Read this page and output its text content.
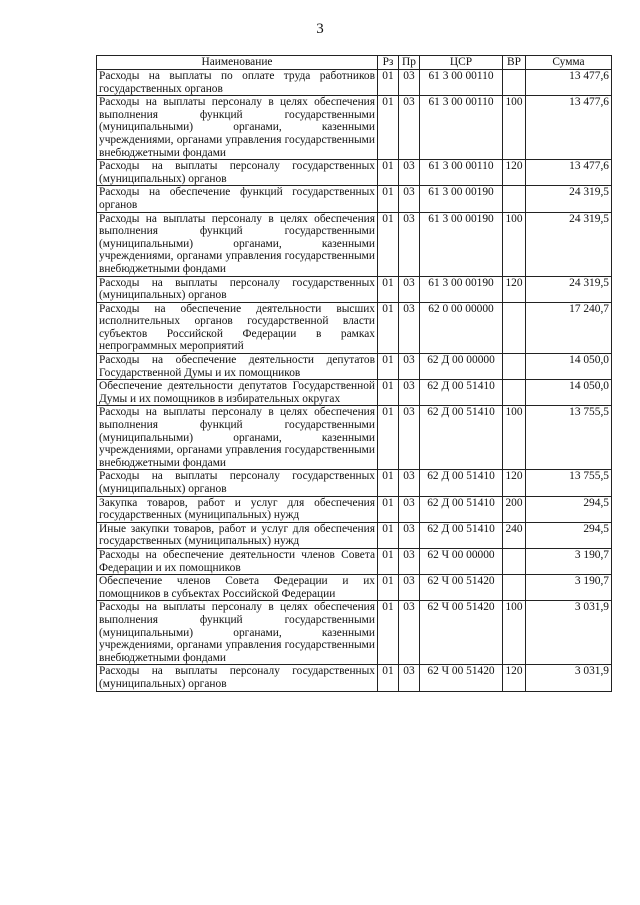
3
Наименование	Рз	Пр	ЦСР	ВР	Сумма
Расходы на выплаты по оплате труда работников государственных органов	01	03	61 3 00 00110		13 477,6
Расходы на выплаты персоналу в целях обеспечения выполнения функций государственными (муниципальными) органами, казенными учреждениями, органами управления государственными внебюджетными фондами	01	03	61 3 00 00110	100	13 477,6
Расходы на выплаты персоналу государственных (муниципальных) органов	01	03	61 3 00 00110	120	13 477,6
Расходы на обеспечение функций государственных органов	01	03	61 3 00 00190		24 319,5
Расходы на выплаты персоналу в целях обеспечения выполнения функций государственными (муниципальными) органами, казенными учреждениями, органами управления государственными внебюджетными фондами	01	03	61 3 00 00190	100	24 319,5
Расходы на выплаты персоналу государственных (муниципальных) органов	01	03	61 3 00 00190	120	24 319,5
Расходы на обеспечение деятельности высших исполнительных органов государственной власти субъектов Российской Федерации в рамках непрограммных мероприятий	01	03	62 0 00 00000		17 240,7
Расходы на обеспечение деятельности депутатов Государственной Думы и их помощников	01	03	62 Д 00 00000		14 050,0
Обеспечение деятельности депутатов Государственной Думы и их помощников в избирательных округах	01	03	62 Д 00 51410		14 050,0
Расходы на выплаты персоналу в целях обеспечения выполнения функций государственными (муниципальными) органами, казенными учреждениями, органами управления государственными внебюджетными фондами	01	03	62 Д 00 51410	100	13 755,5
Расходы на выплаты персоналу государственных (муниципальных) органов	01	03	62 Д 00 51410	120	13 755,5
Закупка товаров, работ и услуг для обеспечения государственных (муниципальных) нужд	01	03	62 Д 00 51410	200	294,5
Иные закупки товаров, работ и услуг для обеспечения государственных (муниципальных) нужд	01	03	62 Д 00 51410	240	294,5
Расходы на обеспечение деятельности членов Совета Федерации и их помощников	01	03	62 Ч 00 00000		3 190,7
Обеспечение членов Совета Федерации и их помощников в субъектах Российской Федерации	01	03	62 Ч 00 51420		3 190,7
Расходы на выплаты персоналу в целях обеспечения выполнения функций государственными (муниципальными) органами, казенными учреждениями, органами управления государственными внебюджетными фондами	01	03	62 Ч 00 51420	100	3 031,9
Расходы на выплаты персоналу государственных (муниципальных) органов	01	03	62 Ч 00 51420	120	3 031,9
